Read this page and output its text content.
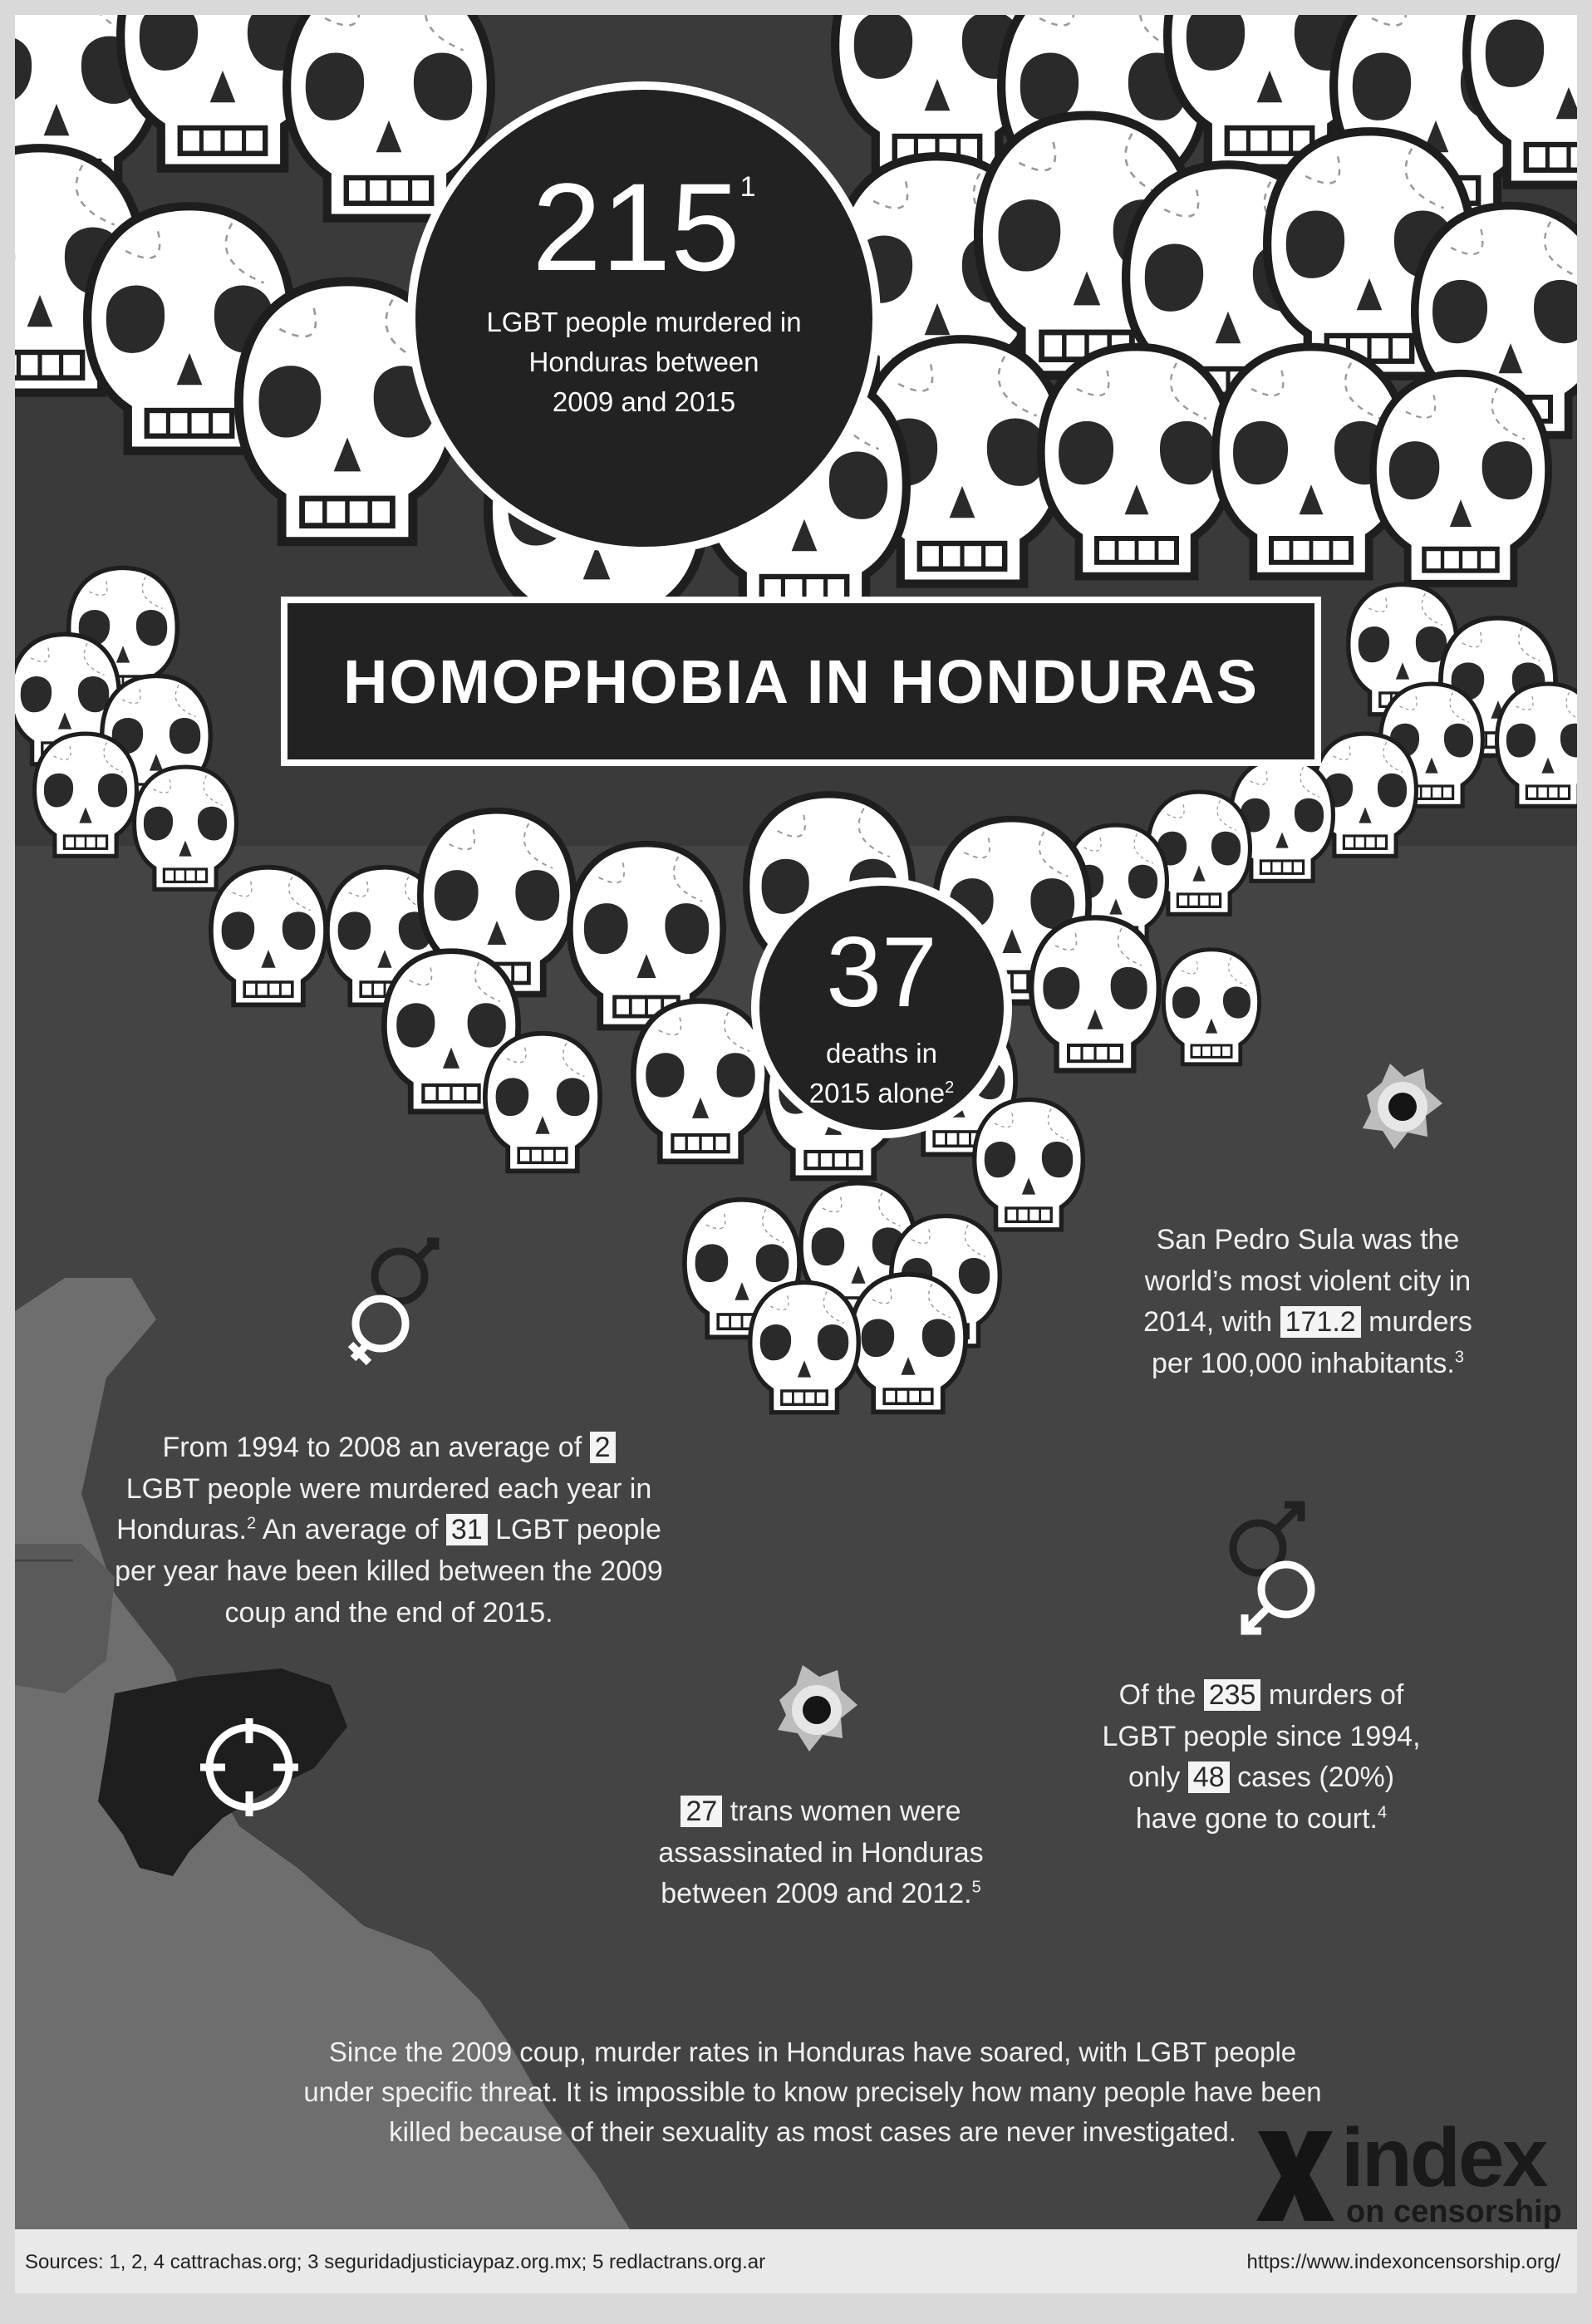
2151
LGBT people murdered in
Honduras between
2009 and 2015
HOMOPHOBIA IN HONDURAS
37
deaths in
2015 alone$^2$
San Pedro Sula was the
world’s most violent city in
2014, with 171.2 murders
per 100,000 inhabitants.$^3$
From 1994 to 2008 an average of 2
LGBT people were murdered each year in
Honduras.$^2$ An average of 31 LGBT people
per year have been killed between the 2009
coup and the end of 2015.
Of the 235 murders of
LGBT people since 1994,
only 48 cases (20%)
have gone to court.$^4$
27 trans women were
assassinated in Honduras
between 2009 and 2012.$^5$
Since the 2009 coup, murder rates in Honduras have soared, with LGBT people
under specific threat. It is impossible to know precisely how many people have been
killed because of their sexuality as most cases are never investigated.	index
on censorship
Sources: 1, 2, 4 cattrachas.org; 3 seguridadjusticiaypaz.org.mx; 5 redlactrans.org.ar	https://www.indexoncensorship.org/
